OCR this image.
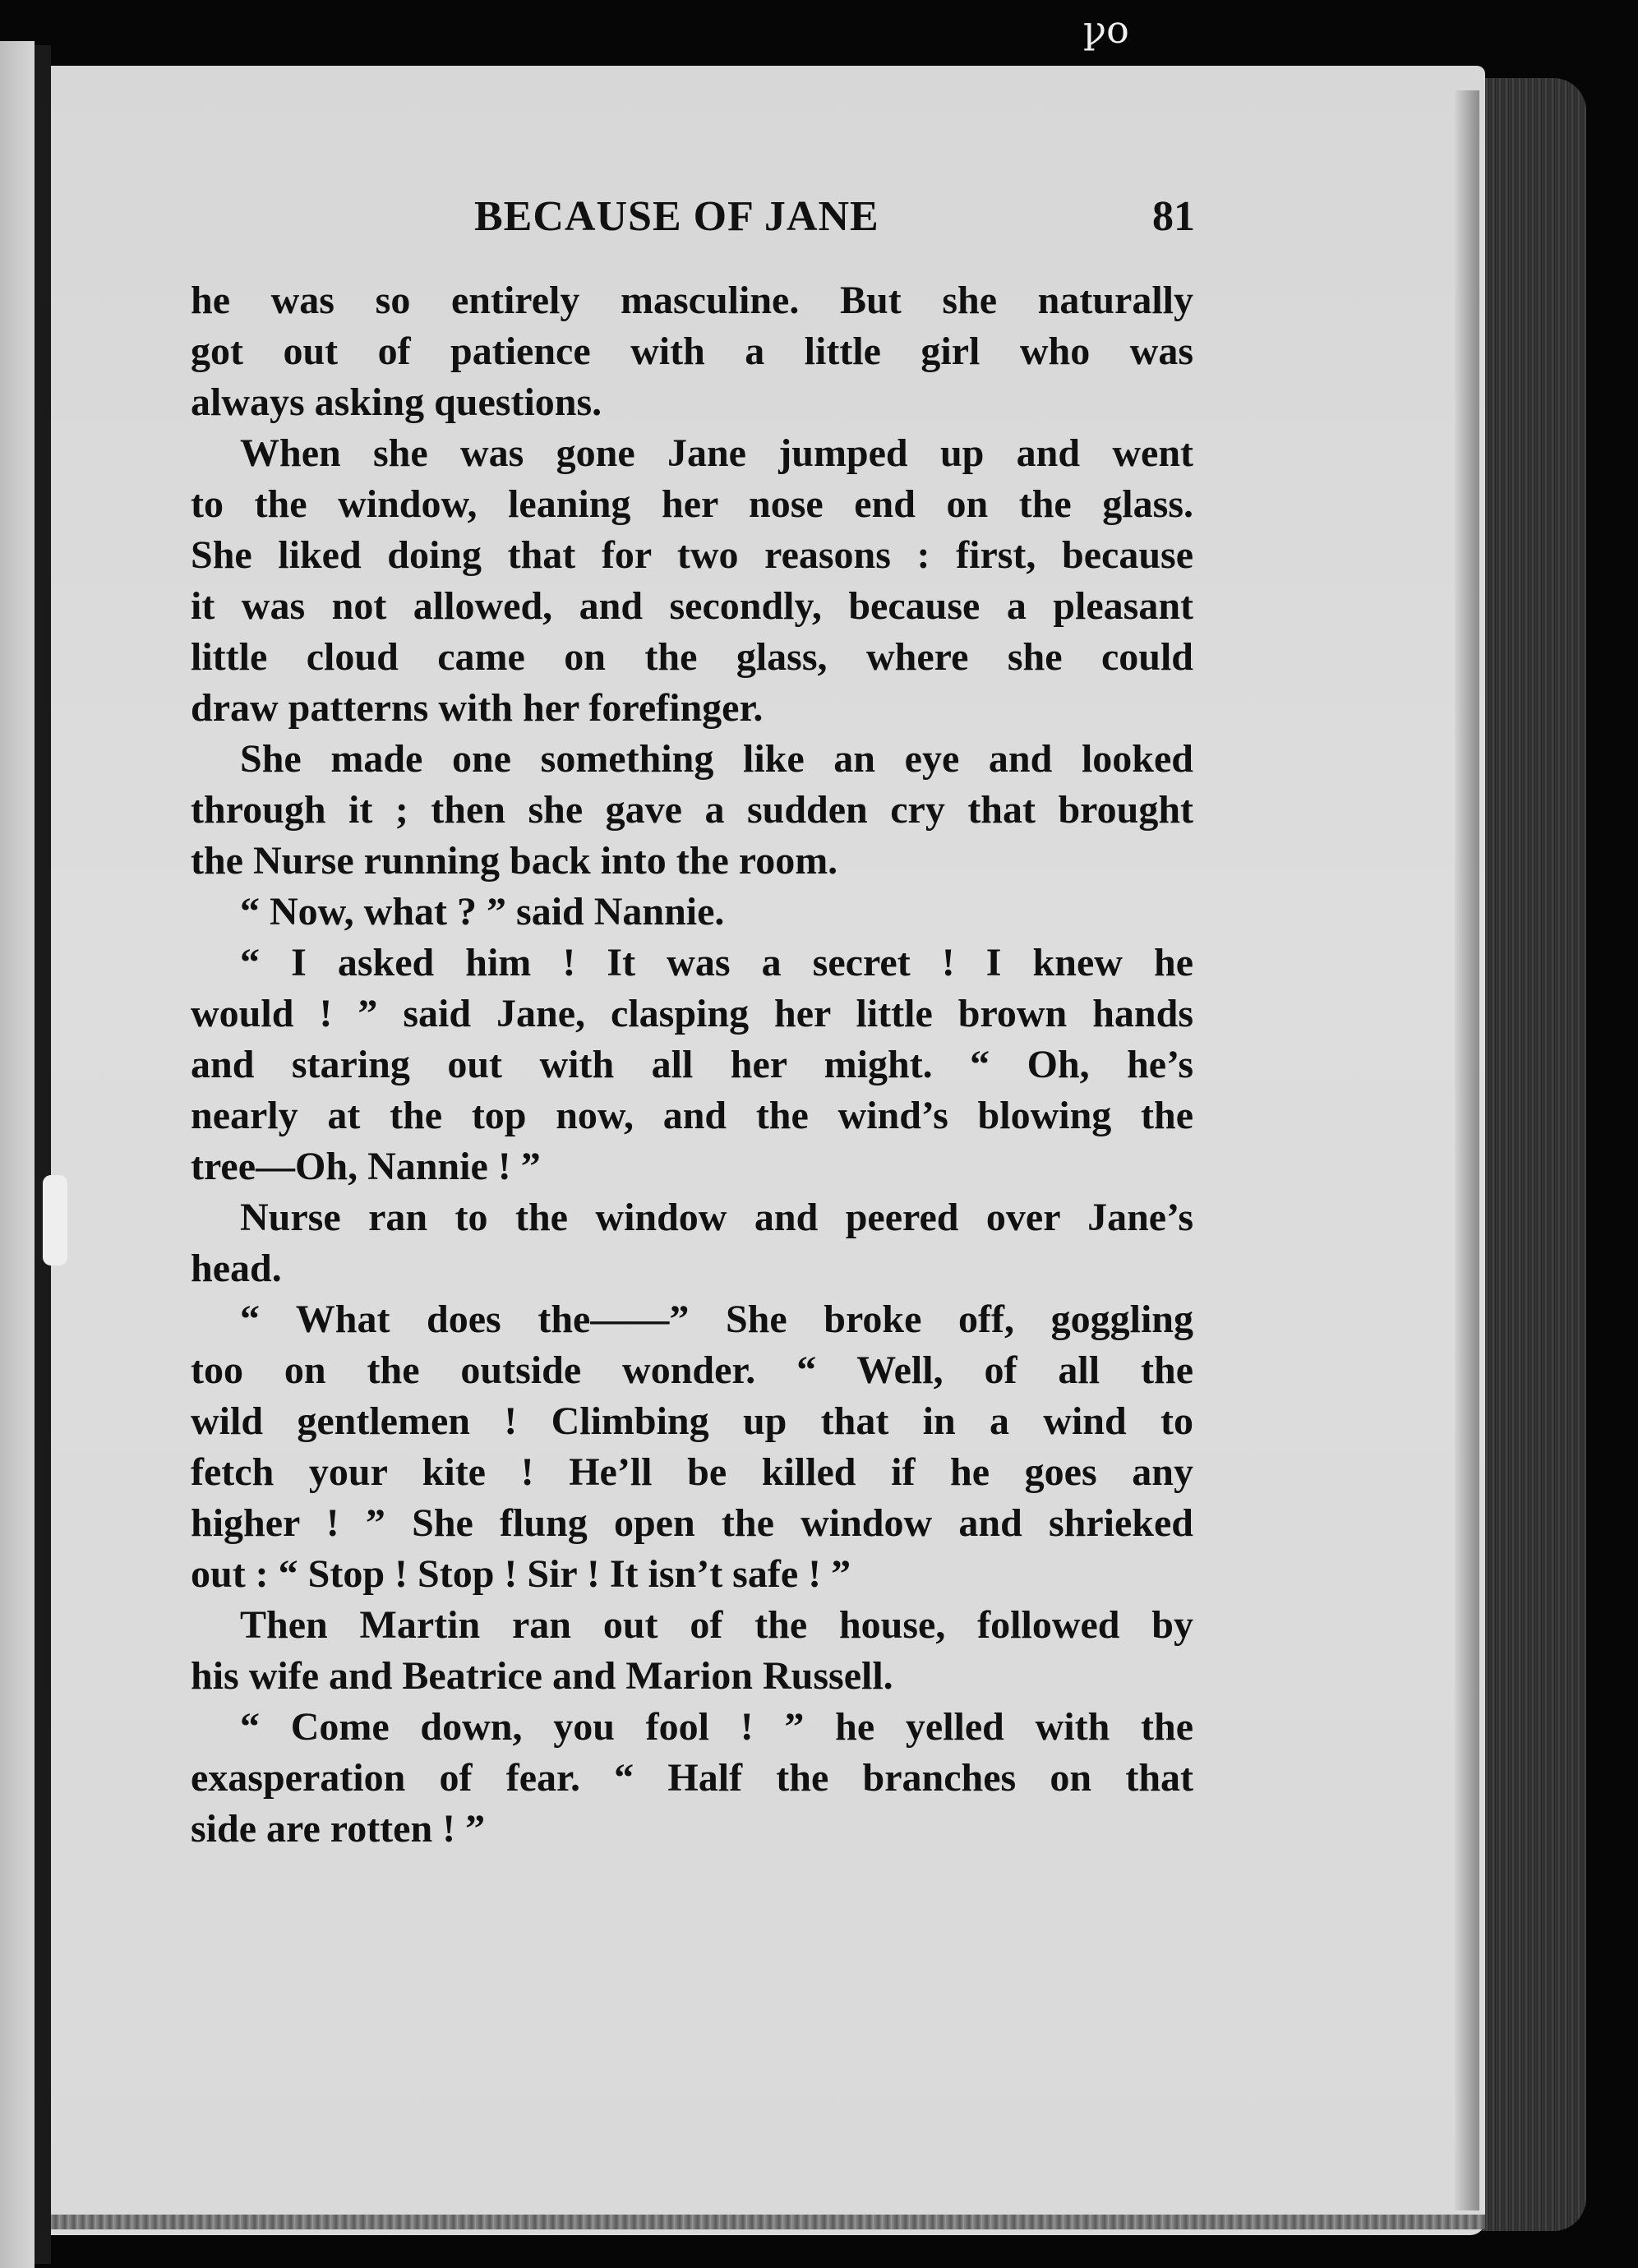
ꝩo
BECAUSE OF JANE	81
he was so entirely masculine. But she naturally
got out of patience with a little girl who was
always asking questions.
When she was gone Jane jumped up and went
to the window, leaning her nose end on the glass.
She liked doing that for two reasons : first, because
it was not allowed, and secondly, because a pleasant
little cloud came on the glass, where she could
draw patterns with her forefinger.
She made one something like an eye and looked
through it ; then she gave a sudden cry that brought
the Nurse running back into the room.
“ Now, what ? ” said Nannie.
“ I asked him ! It was a secret ! I knew he
would ! ” said Jane, clasping her little brown hands
and staring out with all her might. “ Oh, he’s
nearly at the top now, and the wind’s blowing the
tree—Oh, Nannie ! ”
Nurse ran to the window and peered over Jane’s
head.
“ What does the——” She broke off, goggling
too on the outside wonder. “ Well, of all the
wild gentlemen ! Climbing up that in a wind to
fetch your kite ! He’ll be killed if he goes any
higher ! ” She flung open the window and shrieked
out : “ Stop ! Stop ! Sir ! It isn’t safe ! ”
Then Martin ran out of the house, followed by
his wife and Beatrice and Marion Russell.
“ Come down, you fool ! ” he yelled with the
exasperation of fear. “ Half the branches on that
side are rotten ! ”
